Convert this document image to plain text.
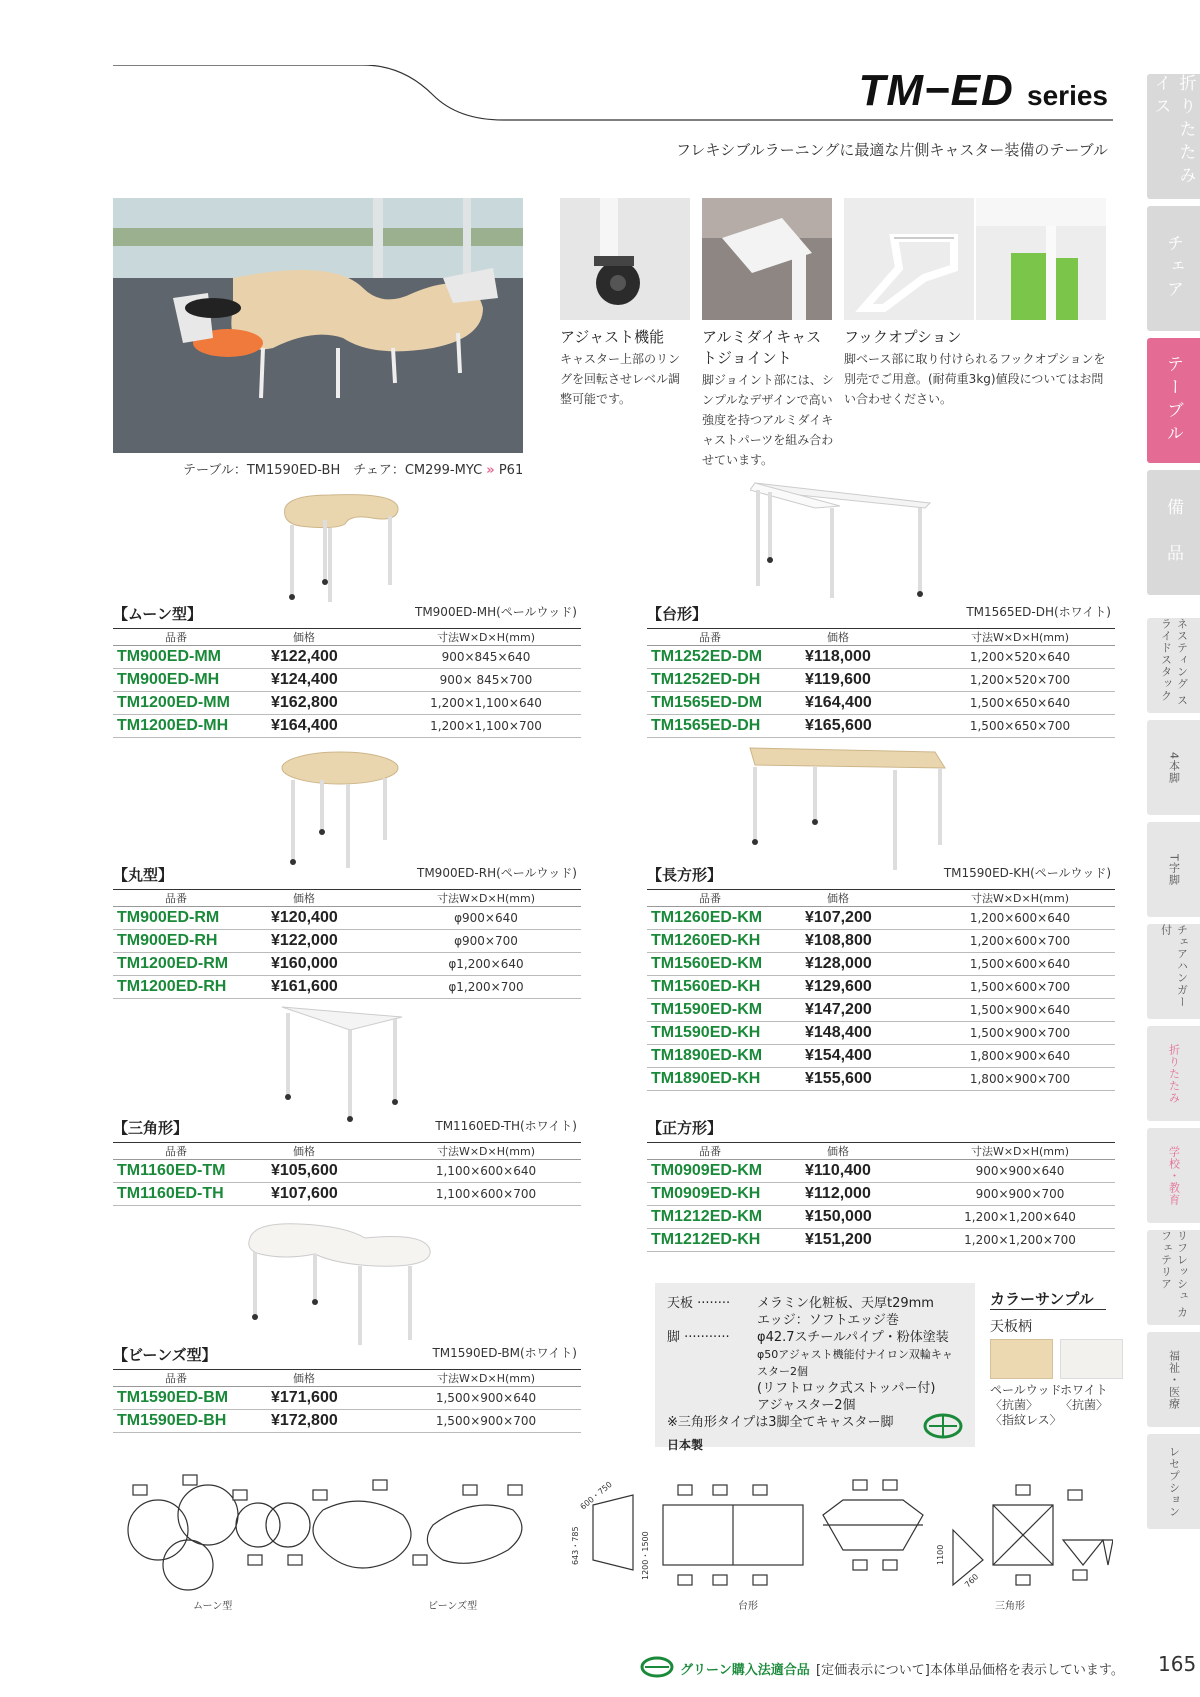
TM−ED series
フレキシブルラーニングに最適な片側キャスター装備のテーブル	折りたたみイス
チェア
テーブル
備　品
ネスティング スライドスタック
4本脚
T字脚
チェアハンガー付
折りたたみ
学校・教育
リフレッシュ カフェテリア
福祉・医療
レセプション
テーブル：TM1590ED-BH　チェア：CM299-MYC » P61
アジャスト機能
キャスター上部のリングを回転させレベル調整可能です。
アルミダイキャストジョイント
脚ジョイント部には、シンプルなデザインで高い強度を持つアルミダイキャストパーツを組み合わせています。
フックオプション
脚ベース部に取り付けられるフックオプションを別売でご用意。(耐荷重3kg)値段についてはお問い合わせください。
【ムーン型】	TM900ED-MH(ペールウッド)
品番	価格	寸法W×D×H(mm)
TM900ED-MM	¥122,400	900×845×640
TM900ED-MH	¥124,400	900× 845×700
TM1200ED-MM	¥162,800	1,200×1,100×640
TM1200ED-MH	¥164,400	1,200×1,100×700
【台形】	TM1565ED-DH(ホワイト)
品番	価格	寸法W×D×H(mm)
TM1252ED-DM	¥118,000	1,200×520×640
TM1252ED-DH	¥119,600	1,200×520×700
TM1565ED-DM	¥164,400	1,500×650×640
TM1565ED-DH	¥165,600	1,500×650×700
【丸型】	TM900ED-RH(ペールウッド)
品番	価格	寸法W×D×H(mm)
TM900ED-RM	¥120,400	φ900×640
TM900ED-RH	¥122,000	φ900×700
TM1200ED-RM	¥160,000	φ1,200×640
TM1200ED-RH	¥161,600	φ1,200×700
【長方形】	TM1590ED-KH(ペールウッド)
品番	価格	寸法W×D×H(mm)
TM1260ED-KM	¥107,200	1,200×600×640
TM1260ED-KH	¥108,800	1,200×600×700
TM1560ED-KM	¥128,000	1,500×600×640
TM1560ED-KH	¥129,600	1,500×600×700
TM1590ED-KM	¥147,200	1,500×900×640
TM1590ED-KH	¥148,400	1,500×900×700
TM1890ED-KM	¥154,400	1,800×900×640
TM1890ED-KH	¥155,600	1,800×900×700
【三角形】	TM1160ED-TH(ホワイト)
品番	価格	寸法W×D×H(mm)
TM1160ED-TM	¥105,600	1,100×600×640
TM1160ED-TH	¥107,600	1,100×600×700
【正方形】
品番	価格	寸法W×D×H(mm)
TM0909ED-KM	¥110,400	900×900×640
TM0909ED-KH	¥112,000	900×900×700
TM1212ED-KM	¥150,000	1,200×1,200×640
TM1212ED-KH	¥151,200	1,200×1,200×700
【ビーンズ型】	TM1590ED-BM(ホワイト)
品番	価格	寸法W×D×H(mm)
TM1590ED-BM	¥171,600	1,500×900×640
TM1590ED-BH	¥172,800	1,500×900×700
天板 ········	メラミン化粧板、天厚t29mm
エッジ：ソフトエッジ巻
脚 ···········	φ42.7スチールパイプ・粉体塗装
φ50アジャスト機能付ナイロン双輪キャスター2個
(リフトロック式ストッパー付)
アジャスター2個
※三角形タイプは3脚全てキャスター脚
日本製
カラーサンプル
天板柄
ペールウッド
〈抗菌〉
〈指紋レス〉
ホワイト
〈抗菌〉
600・750
643・785	1200・1500	1100
760
ムーン型	ビーンズ型	台形	三角形
グリーン購入法適合品 [定価表示について]本体単品価格を表示しています。 165
